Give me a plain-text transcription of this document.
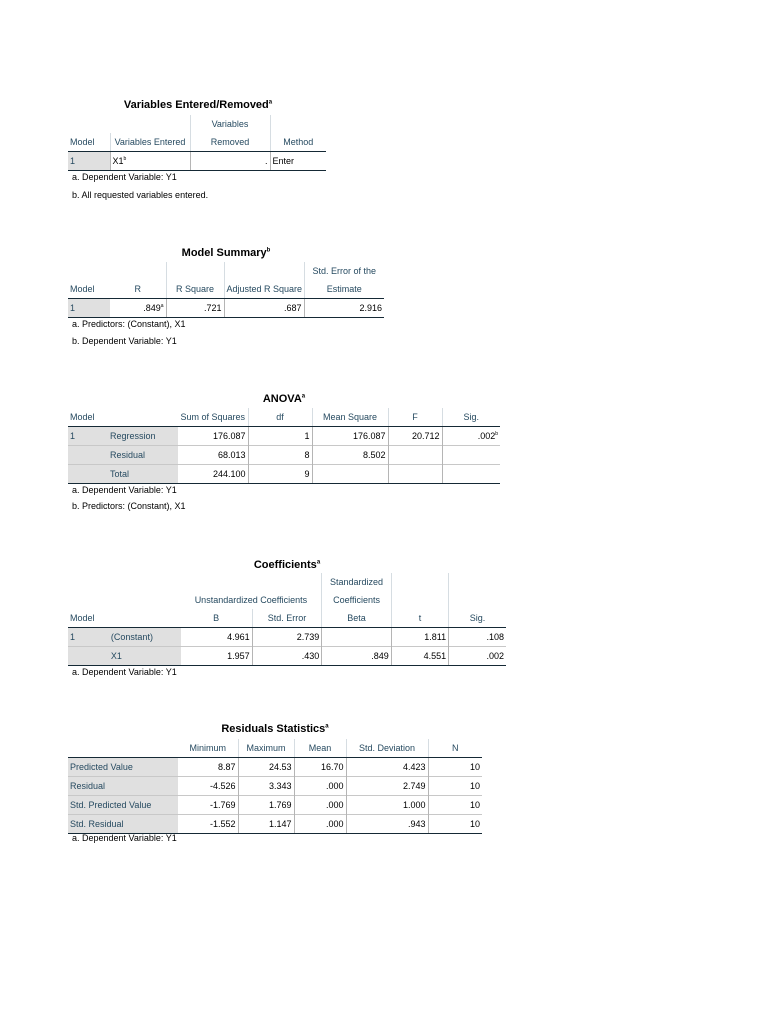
Variables Entered/Removed$^a$
		Variables	
Model	Variables Entered	Removed	Method
1	X1$^b$	.	Enter
a. Dependent Variable: Y1
b. All requested variables entered.
Model Summary$^b$
				Std. Error of the
Model	R	R Square	Adjusted R Square	Estimate
1	.849$^a$	.721	.687	2.916
a. Predictors: (Constant), X1
b. Dependent Variable: Y1
ANOVA$^a$
Model		Sum of Squares	df	Mean Square	F	Sig.
1	Regression	176.087	1	176.087	20.712	.002$^b$
	Residual	68.013	8	8.502		
	Total	244.100	9			
a. Dependent Variable: Y1
b. Predictors: (Constant), X1
Coefficients$^a$
				Standardized		
		Unstandardized Coefficients		Coefficients		
Model		B	Std. Error	Beta	t	Sig.
1	(Constant)	4.961	2.739		1.811	.108
	X1	1.957	.430	.849	4.551	.002
a. Dependent Variable: Y1
Residuals Statistics$^a$
	Minimum	Maximum	Mean	Std. Deviation	N
Predicted Value	8.87	24.53	16.70	4.423	10
Residual	-4.526	3.343	.000	2.749	10
Std. Predicted Value	-1.769	1.769	.000	1.000	10
Std. Residual	-1.552	1.147	.000	.943	10
a. Dependent Variable: Y1
